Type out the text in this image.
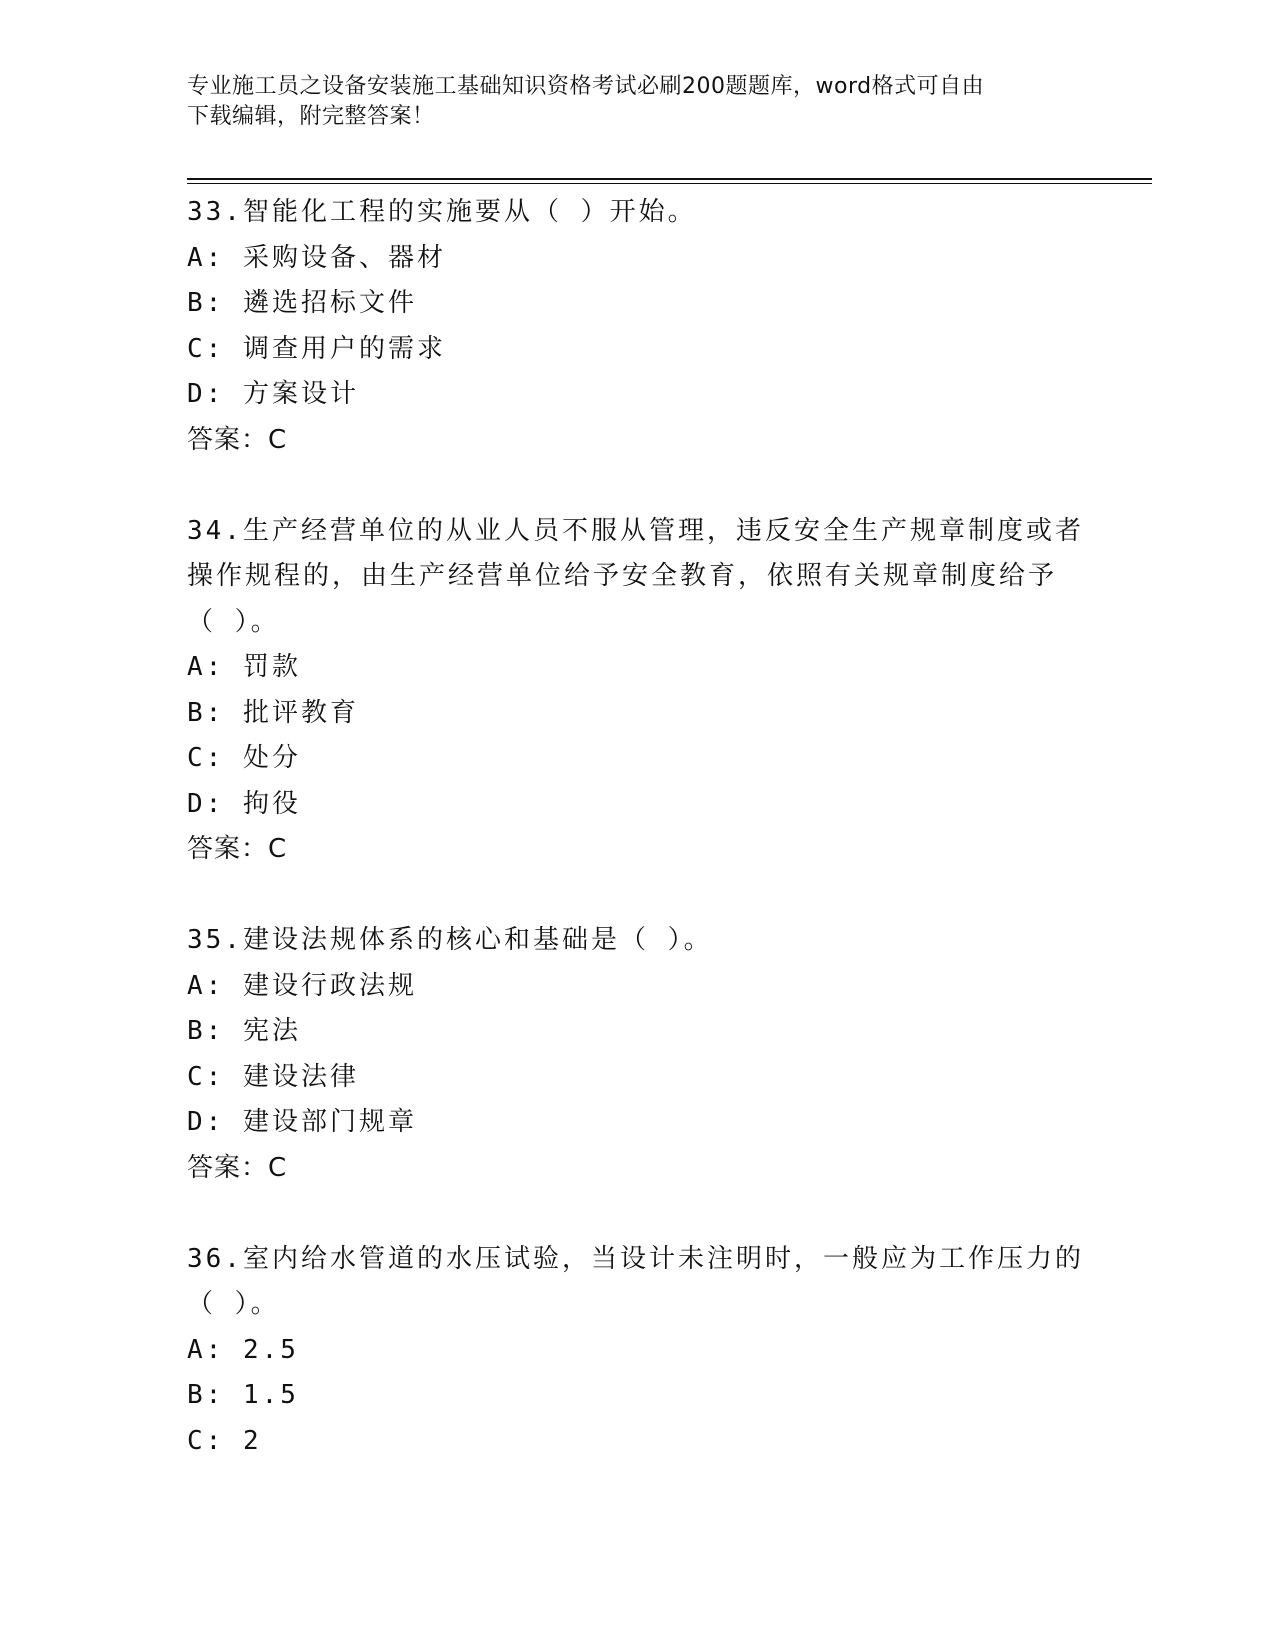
专业施工员之设备安装施工基础知识资格考试必刷200题题库，word格式可自由
下载编辑，附完整答案！
33.智能化工程的实施要从（ ）开始。
A: 采购设备、器材
B: 遴选招标文件
C: 调查用户的需求
D: 方案设计
答案：C
34.生产经营单位的从业人员不服从管理，违反安全生产规章制度或者
操作规程的，由生产经营单位给予安全教育，依照有关规章制度给予
（ ）。
A: 罚款
B: 批评教育
C: 处分
D: 拘役
答案：C
35.建设法规体系的核心和基础是（ ）。
A: 建设行政法规
B: 宪法
C: 建设法律
D: 建设部门规章
答案：C
36.室内给水管道的水压试验，当设计未注明时，一般应为工作压力的
（ ）。
A: 2.5
B: 1.5
C: 2
